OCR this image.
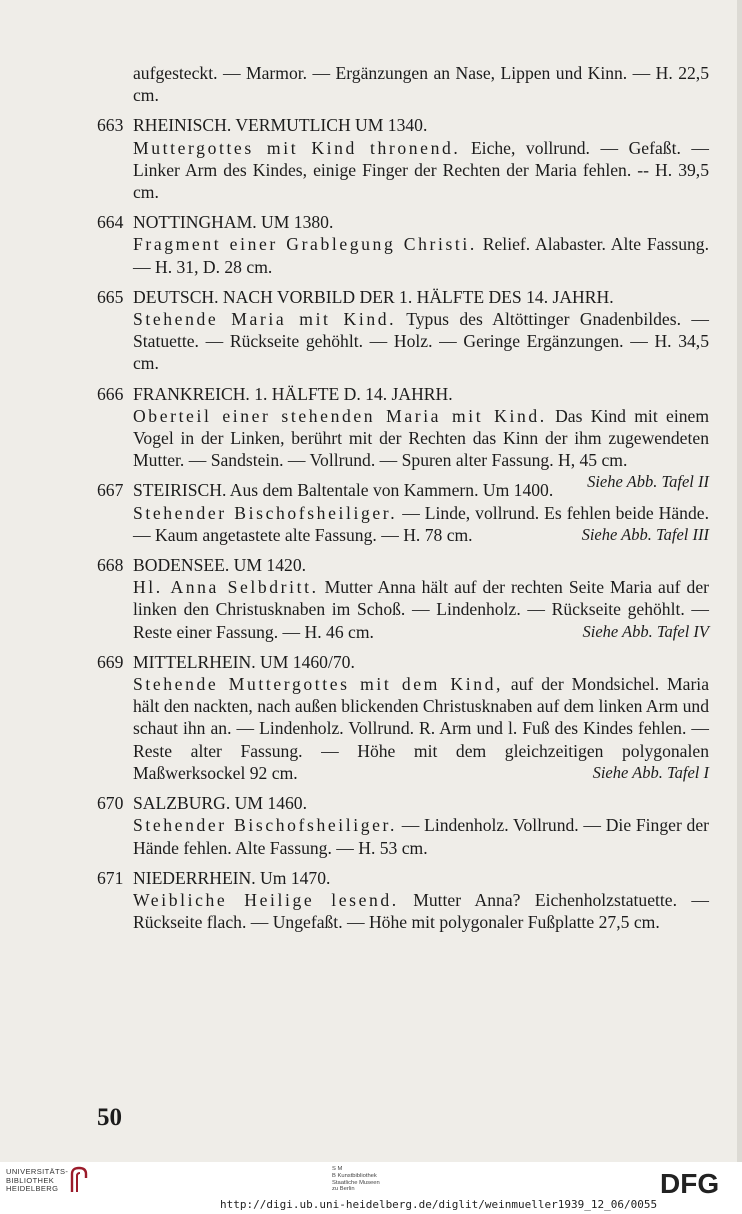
aufgesteckt. — Marmor. — Ergänzungen an Nase, Lippen und Kinn. — H. 22,5 cm.
663 RHEINISCH. VERMUTLICH UM 1340.
Muttergottes mit Kind thronend. Eiche, vollrund. — Gefaßt. — Linker Arm des Kindes, einige Finger der Rechten der Maria fehlen. -- H. 39,5 cm.
664 NOTTINGHAM. UM 1380.
Fragment einer Grablegung Christi. Relief. Alabaster. Alte Fassung. — H. 31, D. 28 cm.
665 DEUTSCH. NACH VORBILD DER 1. HÄLFTE DES 14. JAHRH.
Stehende Maria mit Kind. Typus des Altöttinger Gnadenbildes. — Statuette. — Rückseite gehöhlt. — Holz. — Geringe Ergänzungen. — H. 34,5 cm.
666 FRANKREICH. 1. HÄLFTE D. 14. JAHRH.
Oberteil einer stehenden Maria mit Kind. Das Kind mit einem Vogel in der Linken, berührt mit der Rechten das Kinn der ihm zugewendeten Mutter. — Sandstein. — Vollrund. — Spuren alter Fassung. H, 45 cm.
Siehe Abb. Tafel II
667 STEIRISCH. Aus dem Baltentale von Kammern. Um 1400.
Stehender Bischofsheiliger. — Linde, vollrund. Es fehlen beide Hände. — Kaum angetastete alte Fassung. — H. 78 cm.	Siehe Abb. Tafel III
668 BODENSEE. UM 1420.
Hl. Anna Selbdritt. Mutter Anna hält auf der rechten Seite Maria auf der linken den Christusknaben im Schoß. — Lindenholz. — Rückseite gehöhlt. — Reste einer Fassung. — H. 46 cm.	Siehe Abb. Tafel IV
669 MITTELRHEIN. UM 1460/70.
Stehende Muttergottes mit dem Kind, auf der Mondsichel. Maria hält den nackten, nach außen blickenden Christusknaben auf dem linken Arm und schaut ihn an. — Lindenholz. Vollrund. R. Arm und l. Fuß des Kindes fehlen. — Reste alter Fassung. — Höhe mit dem gleichzeitigen polygonalen Maßwerksockel 92 cm.	Siehe Abb. Tafel I
670 SALZBURG. UM 1460.
Stehender Bischofsheiliger. — Lindenholz. Vollrund. — Die Finger der Hände fehlen. Alte Fassung. — H. 53 cm.
671 NIEDERRHEIN. Um 1470.
Weibliche Heilige lesend. Mutter Anna? Eichenholzstatuette. — Rückseite flach. — Ungefaßt. — Höhe mit polygonaler Fußplatte 27,5 cm.
50
UNIVERSITÄTS-
BIBLIOTHEK
HEIDELBERG
S M
B Kunstbibliothek
Staatliche Museen
zu Berlin
http://digi.ub.uni-heidelberg.de/diglit/weinmueller1939_12_06/0055
DFG
